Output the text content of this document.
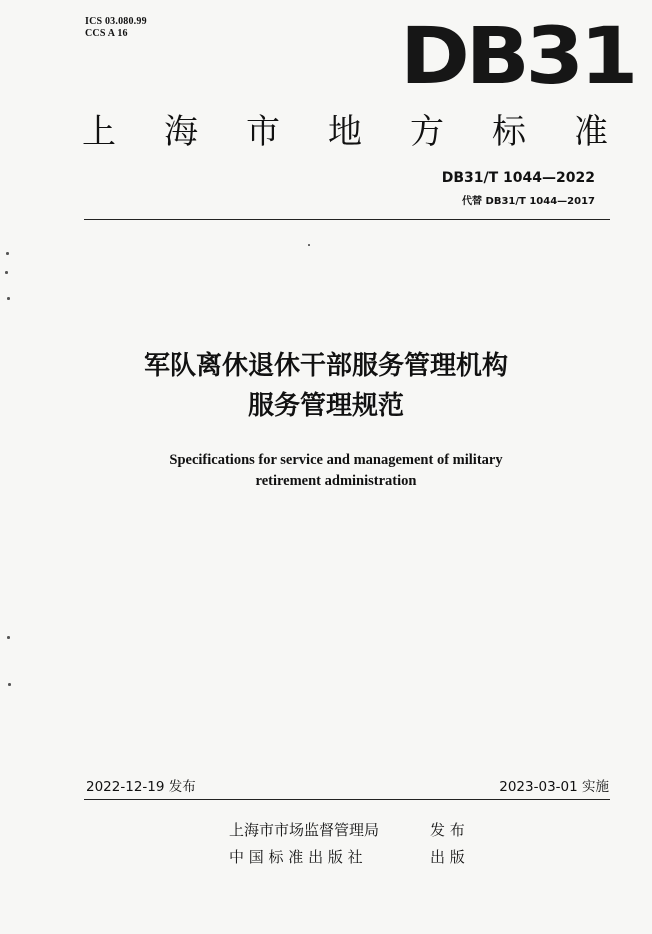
ICS 03.080.99
CCS A 16	DB31
上 海 市 地 方 标 准
DB31/T 1044—2022
代替 DB31/T 1044—2017
军队离休退休干部服务管理机构
服务管理规范
Specifications for service and management of military
retirement administration
2022-12-19 发布	2023-03-01 实施
上海市市场监督管理局	发 布
中 国 标 准 出 版 社	出 版
